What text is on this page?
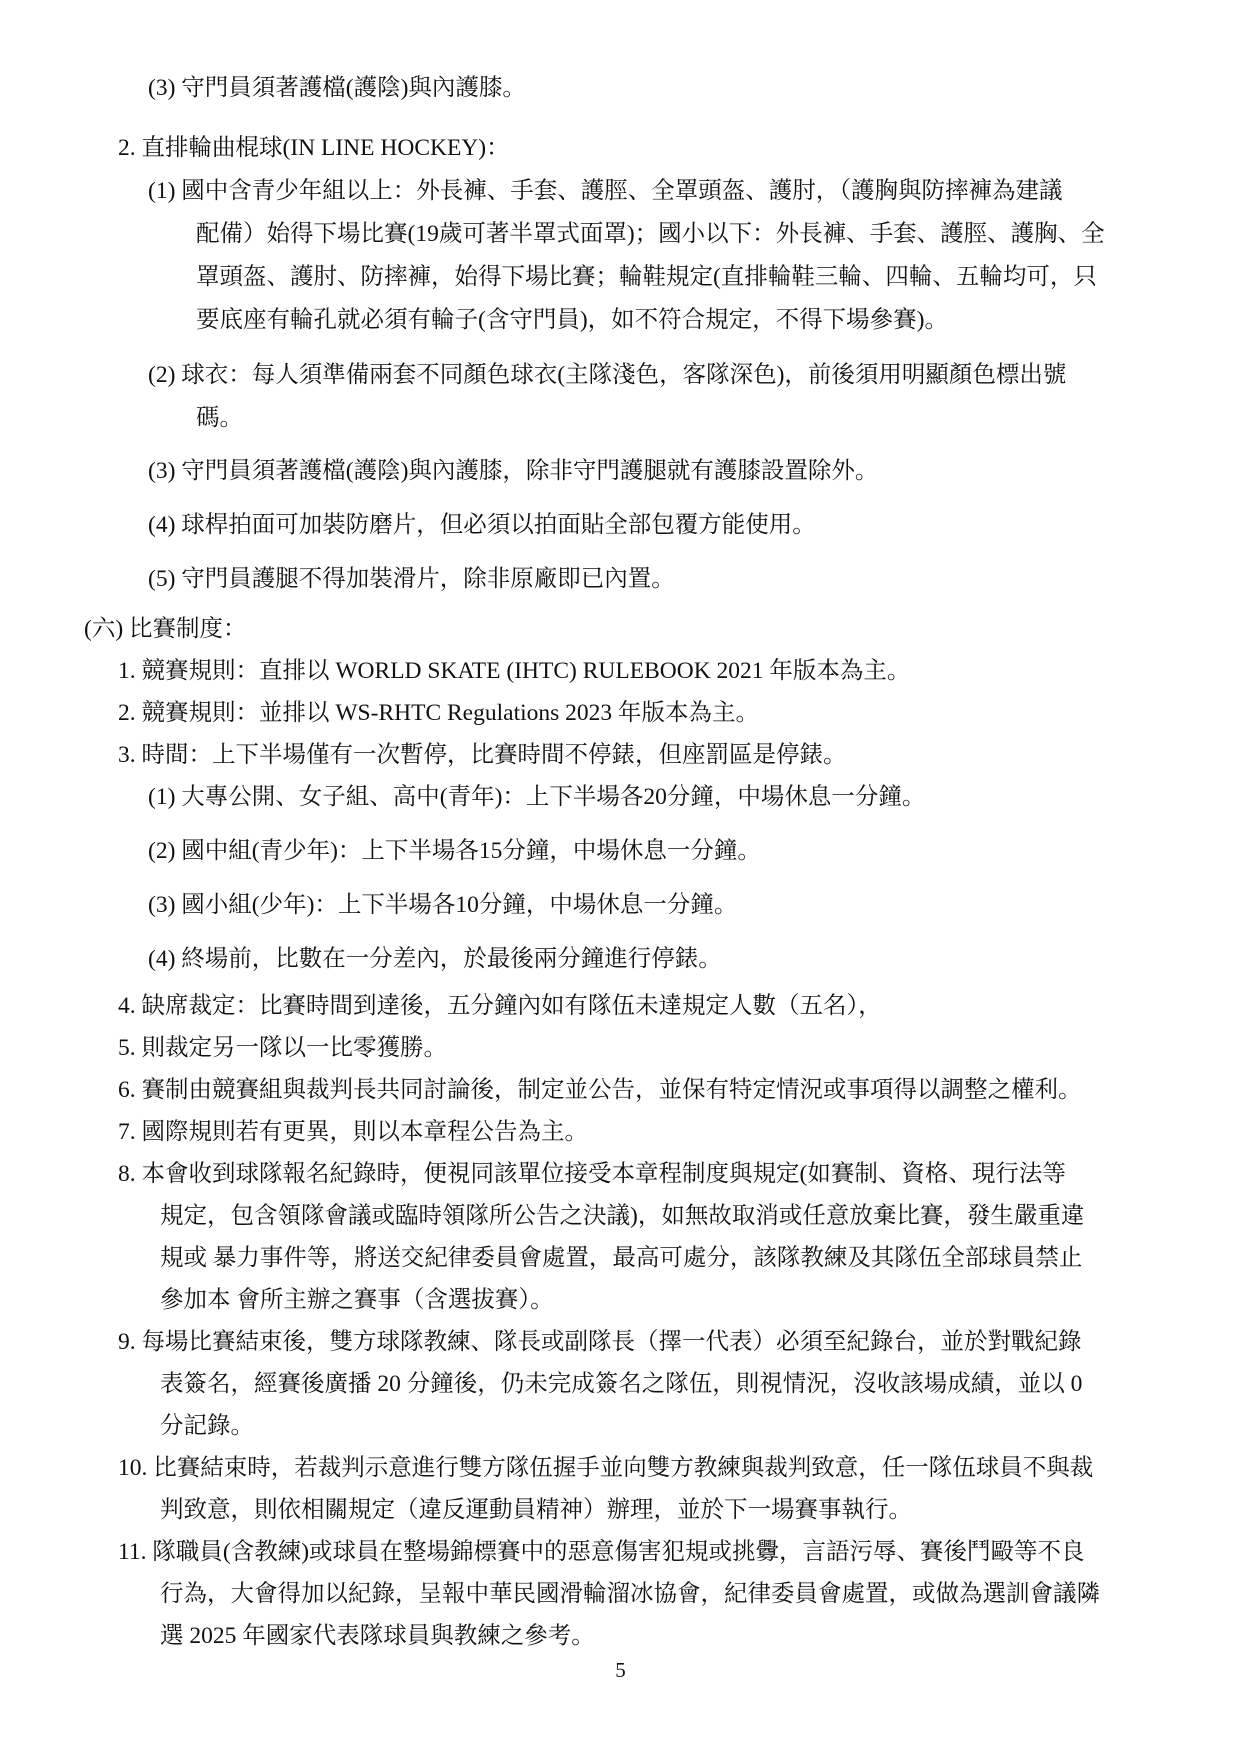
(3) 守門員須著護檔(護陰)與內護膝。
2. 直排輪曲棍球(IN LINE HOCKEY)：
(1) 國中含青少年組以上：外長褲、手套、護脛、全罩頭盔、護肘，（護胸與防摔褲為建議
配備）始得下場比賽(19歲可著半罩式面罩)；國小以下：外長褲、手套、護脛、護胸、全
罩頭盔、護肘、防摔褲，始得下場比賽；輪鞋規定(直排輪鞋三輪、四輪、五輪均可，只
要底座有輪孔就必須有輪子(含守門員)，如不符合規定，不得下場參賽)。
(2) 球衣：每人須準備兩套不同顏色球衣(主隊淺色，客隊深色)，前後須用明顯顏色標出號
碼。
(3) 守門員須著護檔(護陰)與內護膝，除非守門護腿就有護膝設置除外。
(4) 球桿拍面可加裝防磨片，但必須以拍面貼全部包覆方能使用。
(5) 守門員護腿不得加裝滑片，除非原廠即已內置。
(六) 比賽制度：
1. 競賽規則：直排以 WORLD SKATE (IHTC) RULEBOOK 2021 年版本為主。
2. 競賽規則：並排以 WS-RHTC Regulations 2023 年版本為主。
3. 時間：上下半場僅有一次暫停，比賽時間不停錶，但座罰區是停錶。
(1) 大專公開、女子組、高中(青年)：上下半場各20分鐘，中場休息一分鐘。
(2) 國中組(青少年)：上下半場各15分鐘，中場休息一分鐘。
(3) 國小組(少年)：上下半場各10分鐘，中場休息一分鐘。
(4) 終場前，比數在一分差內，於最後兩分鐘進行停錶。
4. 缺席裁定：比賽時間到達後，五分鐘內如有隊伍未達規定人數（五名），
5. 則裁定另一隊以一比零獲勝。
6. 賽制由競賽組與裁判長共同討論後，制定並公告，並保有特定情況或事項得以調整之權利。
7. 國際規則若有更異，則以本章程公告為主。
8. 本會收到球隊報名紀錄時，便視同該單位接受本章程制度與規定(如賽制、資格、現行法等
規定，包含領隊會議或臨時領隊所公告之決議)，如無故取消或任意放棄比賽，發生嚴重違
規或 暴力事件等，將送交紀律委員會處置，最高可處分，該隊教練及其隊伍全部球員禁止
參加本 會所主辦之賽事（含選拔賽）。
9. 每場比賽結束後，雙方球隊教練、隊長或副隊長（擇一代表）必須至紀錄台，並於對戰紀錄
表簽名，經賽後廣播 20 分鐘後，仍未完成簽名之隊伍，則視情況，沒收該場成績，並以 0
分記錄。
10. 比賽結束時，若裁判示意進行雙方隊伍握手並向雙方教練與裁判致意，任一隊伍球員不與裁
判致意，則依相關規定（違反運動員精神）辦理，並於下一場賽事執行。
11. 隊職員(含教練)或球員在整場錦標賽中的惡意傷害犯規或挑釁，言語污辱、賽後鬥毆等不良
行為，大會得加以紀錄，呈報中華民國滑輪溜冰協會，紀律委員會處置，或做為選訓會議隣
選 2025 年國家代表隊球員與教練之參考。
5
